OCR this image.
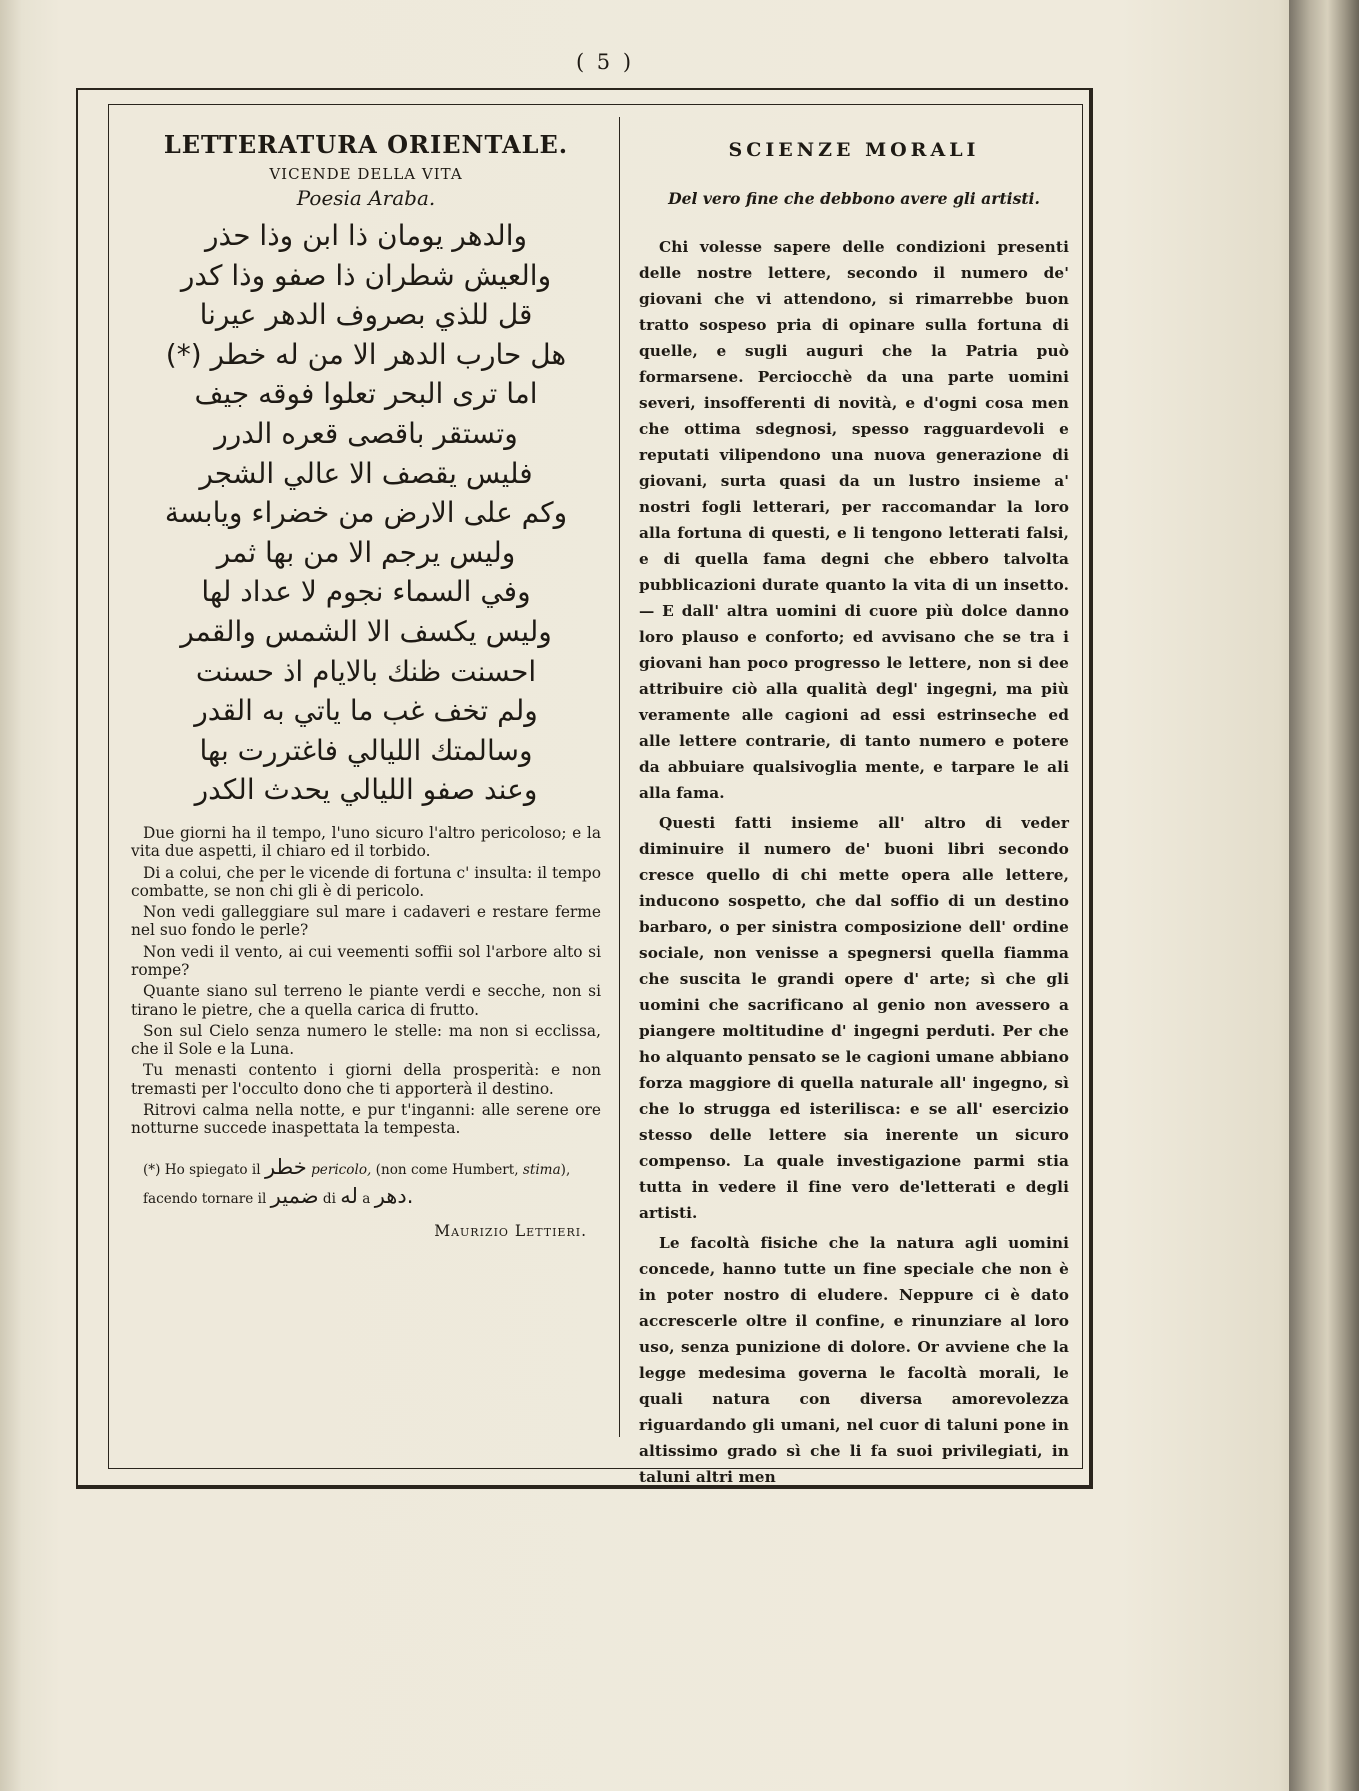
( 5 )
LETTERATURA ORIENTALE.
VICENDE DELLA VITA
Poesia Araba.
والدهر يومان ذا ابن وذا حذر
والعيش شطران ذا صفو وذا كدر
قل للذي بصروف الدهر عيرنا
هل حارب الدهر الا من له خطر (*)
اما ترى البحر تعلوا فوقه جيف
وتستقر باقصى قعره الدرر
فليس يقصف الا عالي الشجر
وكم على الارض من خضراء ويابسة
وليس يرجم الا من بها ثمر
وفي السماء نجوم لا عداد لها
وليس يكسف الا الشمس والقمر
احسنت ظنك بالايام اذ حسنت
ولم تخف غب ما ياتي به القدر
وسالمتك الليالي فاغتررت بها
وعند صفو الليالي يحدث الكدر

Due giorni ha il tempo, l'uno sicuro l'altro pericoloso; e la vita due aspetti, il chiaro ed il torbido.

Di a colui, che per le vicende di fortuna c' insulta: il tempo combatte, se non chi gli è di pericolo.

Non vedi galleggiare sul mare i cadaveri e restare ferme nel suo fondo le perle?

Non vedi il vento, ai cui veementi soffii sol l'arbore alto si rompe?

Quante siano sul terreno le piante verdi e secche, non si tirano le pietre, che a quella carica di frutto.

Son sul Cielo senza numero le stelle: ma non si ecclissa, che il Sole e la Luna.

Tu menasti contento i giorni della prosperità: e non tremasti per l'occulto dono che ti apporterà il destino.

Ritrovi calma nella notte, e pur t'inganni: alle serene ore notturne succede inaspettata la tempesta.

(*) Ho spiegato il خطر pericolo, (non come Humbert, stima), facendo tornare il ضمير di له a دهر.
Maurizio Lettieri.
SCIENZE MORALI
Del vero fine che debbono avere gli artisti.

Chi volesse sapere delle condizioni presenti delle nostre lettere, secondo il numero de' giovani che vi attendono, si rimarrebbe buon tratto sospeso pria di opinare sulla fortuna di quelle, e sugli auguri che la Patria può formarsene. Perciocchè da una parte uomini severi, insofferenti di novità, e d'ogni cosa men che ottima sdegnosi, spesso ragguardevoli e reputati vilipendono una nuova generazione di giovani, surta quasi da un lustro insieme a' nostri fogli letterari, per raccomandar la loro alla fortuna di questi, e li tengono letterati falsi, e di quella fama degni che ebbero talvolta pubblicazioni durate quanto la vita di un insetto. — E dall' altra uomini di cuore più dolce danno loro plauso e conforto; ed avvisano che se tra i giovani han poco progresso le lettere, non si dee attribuire ciò alla qualità degl' ingegni, ma più veramente alle cagioni ad essi estrinseche ed alle lettere contrarie, di tanto numero e potere da abbuiare qualsivoglia mente, e tarpare le ali alla fama.

Questi fatti insieme all' altro di veder diminuire il numero de' buoni libri secondo cresce quello di chi mette opera alle lettere, inducono sospetto, che dal soffio di un destino barbaro, o per sinistra composizione dell' ordine sociale, non venisse a spegnersi quella fiamma che suscita le grandi opere d' arte; sì che gli uomini che sacrificano al genio non avessero a piangere moltitudine d' ingegni perduti. Per che ho alquanto pensato se le cagioni umane abbiano forza maggiore di quella naturale all' ingegno, sì che lo strugga ed isterilisca: e se all' esercizio stesso delle lettere sia inerente un sicuro compenso. La quale investigazione parmi stia tutta in vedere il fine vero de'letterati e degli artisti.

Le facoltà fisiche che la natura agli uomini concede, hanno tutte un fine speciale che non è in poter nostro di eludere. Neppure ci è dato accrescerle oltre il confine, e rinunziare al loro uso, senza punizione di dolore. Or avviene che la legge medesima governa le facoltà morali, le quali natura con diversa amorevolezza riguardando gli umani, nel cuor di taluni pone in altissimo grado sì che li fa suoi privilegiati, in taluni altri men
